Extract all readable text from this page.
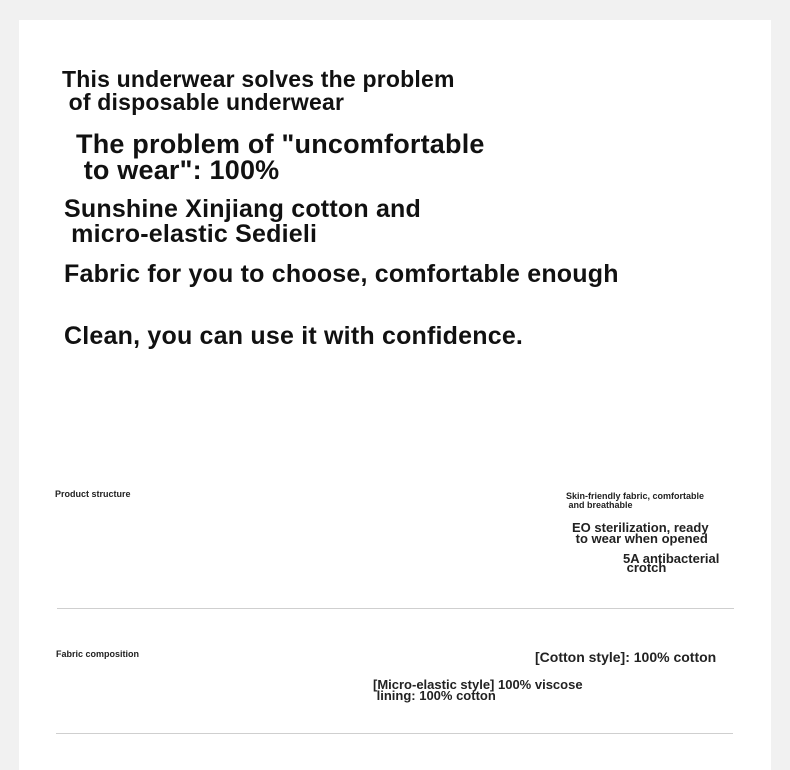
This underwear solves the problem
of disposable underwear

The problem of "uncomfortable
to wear": 100%

Sunshine Xinjiang cotton and
micro-elastic Sedieli

Fabric for you to choose, comfortable enough

Clean, you can use it with confidence.

Product structure	Skin-friendly fabric, comfortable
and breathable

EO sterilization, ready
to wear when opened

5A antibacterial
crotch

Fabric composition	[Cotton style]: 100% cotton

[Micro-elastic style] 100% viscose
lining: 100% cotton
